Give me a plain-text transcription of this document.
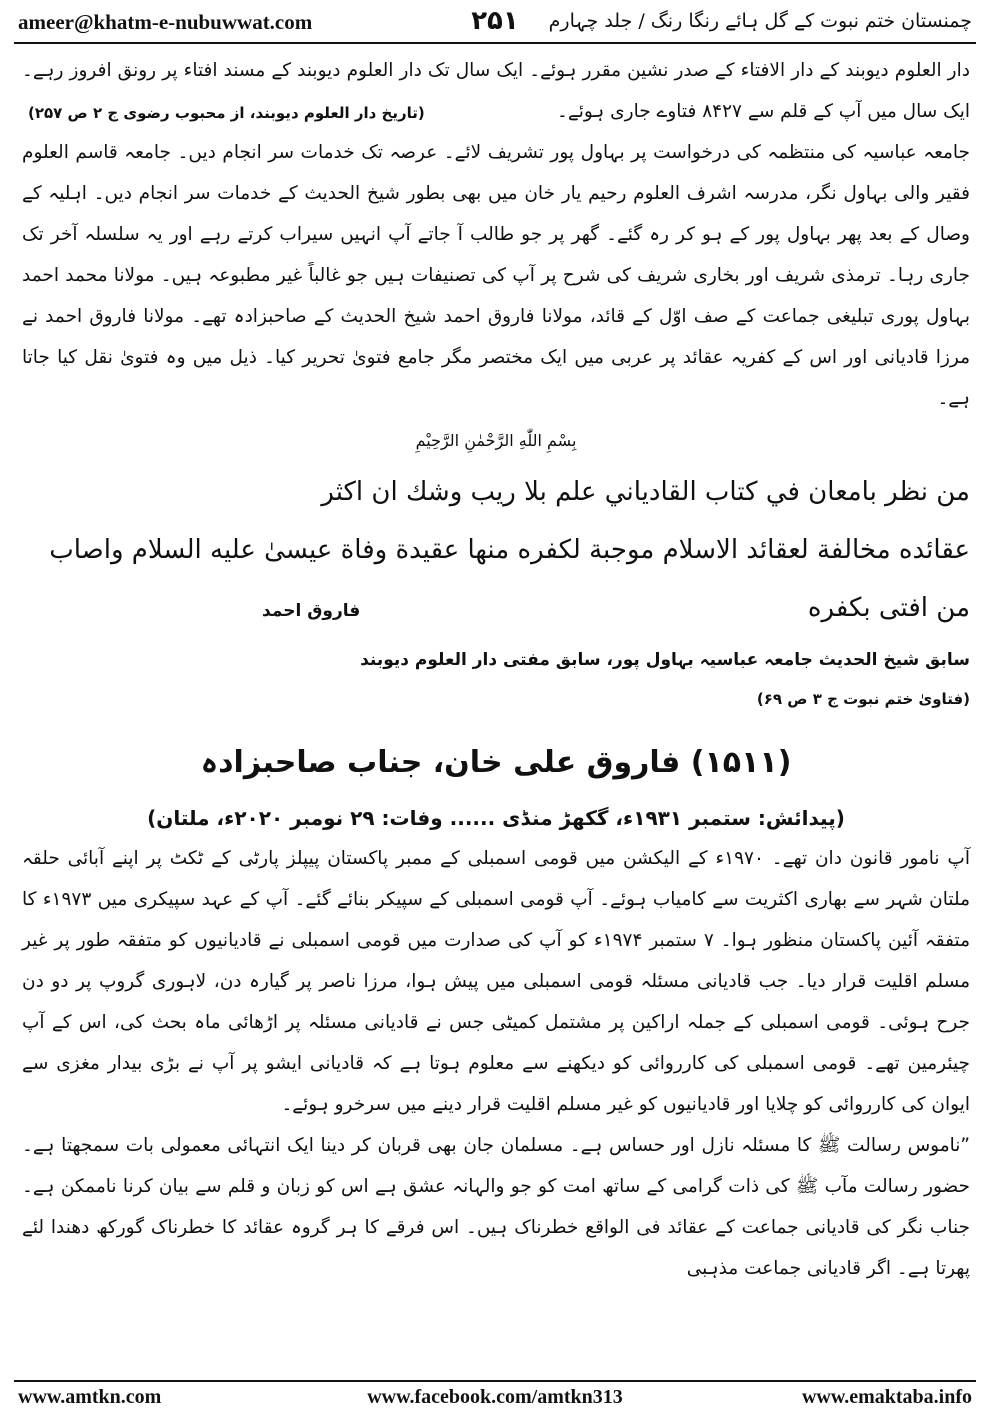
ameer@khatm-e-nubuwwat.com	۲۵۱	چمنستان ختم نبوت کے گل ہائے رنگا رنگ / جلد چہارم

دار العلوم دیوبند کے دار الافتاء کے صدر نشین مقرر ہوئے۔ ایک سال تک دار العلوم دیوبند کے مسند افتاء پر رونق افروز رہے۔ ایک سال میں آپ کے قلم سے ۸۴۲۷ فتاوے جاری ہوئے۔

(تاریخ دار العلوم دیوبند، از محبوب رضوی ج ۲ ص ۲۵۷)

جامعہ عباسیہ کی منتظمہ کی درخواست پر بہاول پور تشریف لائے۔ عرصہ تک خدمات سر انجام دیں۔ جامعہ قاسم العلوم فقیر والی بہاول نگر، مدرسہ اشرف العلوم رحیم یار خان میں بھی بطور شیخ الحدیث کے خدمات سر انجام دیں۔ اہلیہ کے وصال کے بعد پھر بہاول پور کے ہو کر رہ گئے۔ گھر پر جو طالب آ جاتے آپ انہیں سیراب کرتے رہے اور یہ سلسلہ آخر تک جاری رہا۔ ترمذی شریف اور بخاری شریف کی شرح پر آپ کی تصنیفات ہیں جو غالباً غیر مطبوعہ ہیں۔ مولانا محمد احمد بہاول پوری تبلیغی جماعت کے صف اوّل کے قائد، مولانا فاروق احمد شیخ الحدیث کے صاحبزادہ تھے۔ مولانا فاروق احمد نے مرزا قادیانی اور اس کے کفریہ عقائد پر عربی میں ایک مختصر مگر جامع فتویٰ تحریر کیا۔ ذیل میں وہ فتویٰ نقل کیا جاتا ہے۔

بِسْمِ اللّٰهِ الرَّحْمٰنِ الرَّحِيْمِ

من نظر بامعان في كتاب القادياني علم بلا ريب وشك ان اكثر

عقائده مخالفة لعقائد الاسلام موجبة لكفره منها عقيدة وفاة عيسىٰ عليه السلام واصاب

من افتى بكفره
فاروق احمد

سابق شیخ الحدیث جامعہ عباسیہ بہاول پور، سابق مفتی دار العلوم دیوبند

(فتاویٰ ختم نبوت ج ۳ ص ۶۹)

(۱۵۱۱) فاروق علی خان، جناب صاحبزادہ

(پیدائش: ستمبر ۱۹۳۱ء، گکھڑ منڈی ...... وفات: ۲۹ نومبر ۲۰۲۰ء، ملتان)

آپ نامور قانون دان تھے۔ ۱۹۷۰ء کے الیکشن میں قومی اسمبلی کے ممبر پاکستان پیپلز پارٹی کے ٹکٹ پر اپنے آبائی حلقہ ملتان شہر سے بھاری اکثریت سے کامیاب ہوئے۔ آپ قومی اسمبلی کے سپیکر بنائے گئے۔ آپ کے عہد سپیکری میں ۱۹۷۳ء کا متفقہ آئین پاکستان منظور ہوا۔ ۷ ستمبر ۱۹۷۴ء کو آپ کی صدارت میں قومی اسمبلی نے قادیانیوں کو متفقہ طور پر غیر مسلم اقلیت قرار دیا۔ جب قادیانی مسئلہ قومی اسمبلی میں پیش ہوا، مرزا ناصر پر گیارہ دن، لاہوری گروپ پر دو دن جرح ہوئی۔ قومی اسمبلی کے جملہ اراکین پر مشتمل کمیٹی جس نے قادیانی مسئلہ پر اڑھائی ماہ بحث کی، اس کے آپ چیئرمین تھے۔ قومی اسمبلی کی کارروائی کو دیکھنے سے معلوم ہوتا ہے کہ قادیانی ایشو پر آپ نے بڑی بیدار مغزی سے ایوان کی کارروائی کو چلایا اور قادیانیوں کو غیر مسلم اقلیت قرار دینے میں سرخرو ہوئے۔

”ناموس رسالت ﷺ کا مسئلہ نازل اور حساس ہے۔ مسلمان جان بھی قربان کر دینا ایک انتہائی معمولی بات سمجھتا ہے۔ حضور رسالت مآب ﷺ کی ذات گرامی کے ساتھ امت کو جو والہانہ عشق ہے اس کو زبان و قلم سے بیان کرنا ناممکن ہے۔ جناب نگر کی قادیانی جماعت کے عقائد فی الواقع خطرناک ہیں۔ اس فرقے کا ہر گروہ عقائد کا خطرناک گورکھ دھندا لئے پھرتا ہے۔ اگر قادیانی جماعت مذہبی

www.amtkn.com	www.facebook.com/amtkn313	www.emaktaba.info
